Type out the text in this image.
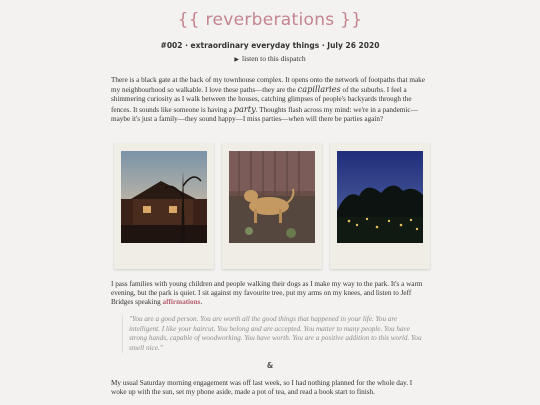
{{ reverberations }}
#002 · extraordinary everyday things · July 26 2020
▶ listen to this dispatch

There is a black gate at the back of my townhouse complex. It opens onto the network of footpaths that make my neighbourhood so walkable. I love these paths—they are the capillaries of the suburbs. I feel a shimmering curiosity as I walk between the houses, catching glimpses of people's backyards through the fences. It sounds like someone is having a party. Thoughts flash across my mind: we're in a pandemic—maybe it's just a family—they sound happy—I miss parties—when will there be parties again?

I pass families with young children and people walking their dogs as I make my way to the park. It's a warm evening, but the park is quiet. I sit against my favourite tree, put my arms on my knees, and listen to Jeff Bridges speaking affirmations.

"You are a good person. You are worth all the good things that happened in your life. You are intelligent. I like your haircut. You belong and are accepted. You matter to many people. You have strong hands, capable of woodworking. You have worth. You are a positive addition to this world. You smell nice."

&

My usual Saturday morning engagement was off last week, so I had nothing planned for the whole day. I woke up with the sun, set my phone aside, made a pot of tea, and read a book start to finish.
